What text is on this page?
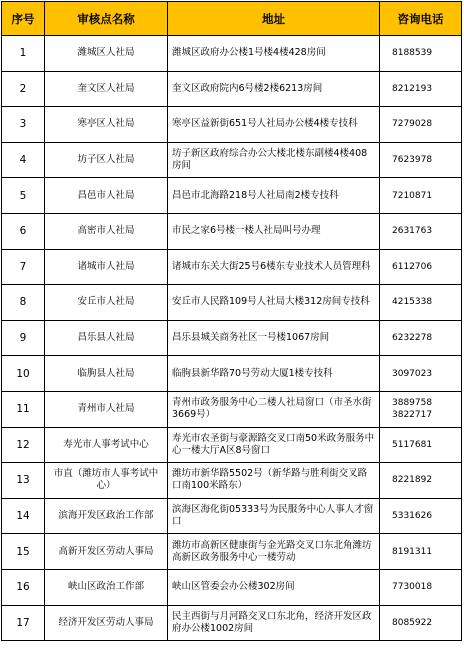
序号	审核点名称	地址	咨询电话
1	潍城区人社局	潍城区政府办公楼1号楼4楼428房间	8188539

2	奎文区人社局	奎文区政府院内6号楼2楼6213房间	8212193

3	寒亭区人社局	寒亭区益新街651号人社局办公楼4楼专技科	7279028

4	坊子区人社局	坊子新区政府综合办公大楼北楼东副楼4楼408房间	7623978

5	昌邑市人社局	昌邑市北海路218号人社局南2楼专技科	7210871

6	高密市人社局	市民之家6号楼一楼人社局叫号办理	2631763

7	诸城市人社局	诸城市东关大街25号6楼东专业技术人员管理科	6112706

8	安丘市人社局	安丘市人民路109号人社局大楼312房间专技科	4215338

9	昌乐县人社局	昌乐县城关商务社区一号楼1067房间	6232278

10	临朐县人社局	临朐县新华路70号劳动大厦1楼专技科	3097023

11	青州市人社局	青州市政务服务中心二楼人社局窗口（市圣水街3669号）	3889758
3822717

12	寿光市人事考试中心	寿光市农圣街与豪源路交叉口南50米政务服务中心一楼大厅A区8号窗口	5117681

13	市直（潍坊市人事考试中心）	潍坊市新华路5502号（新华路与胜利街交叉路口南100米路东）	8221892

14	滨海开发区政治工作部	滨海区海化街05333号为民服务中心人事人才窗口	5331626

15	高新开发区劳动人事局	潍坊市高新区健康街与金光路交叉口东北角潍坊高新区政务服务中心一楼劳动	8191311

16	峡山区政治工作部	峡山区管委会办公楼302房间	7730018

17	经济开发区劳动人事局	民主西街与月河路交叉口东北角，经济开发区政府办公楼1002房间	8085922
